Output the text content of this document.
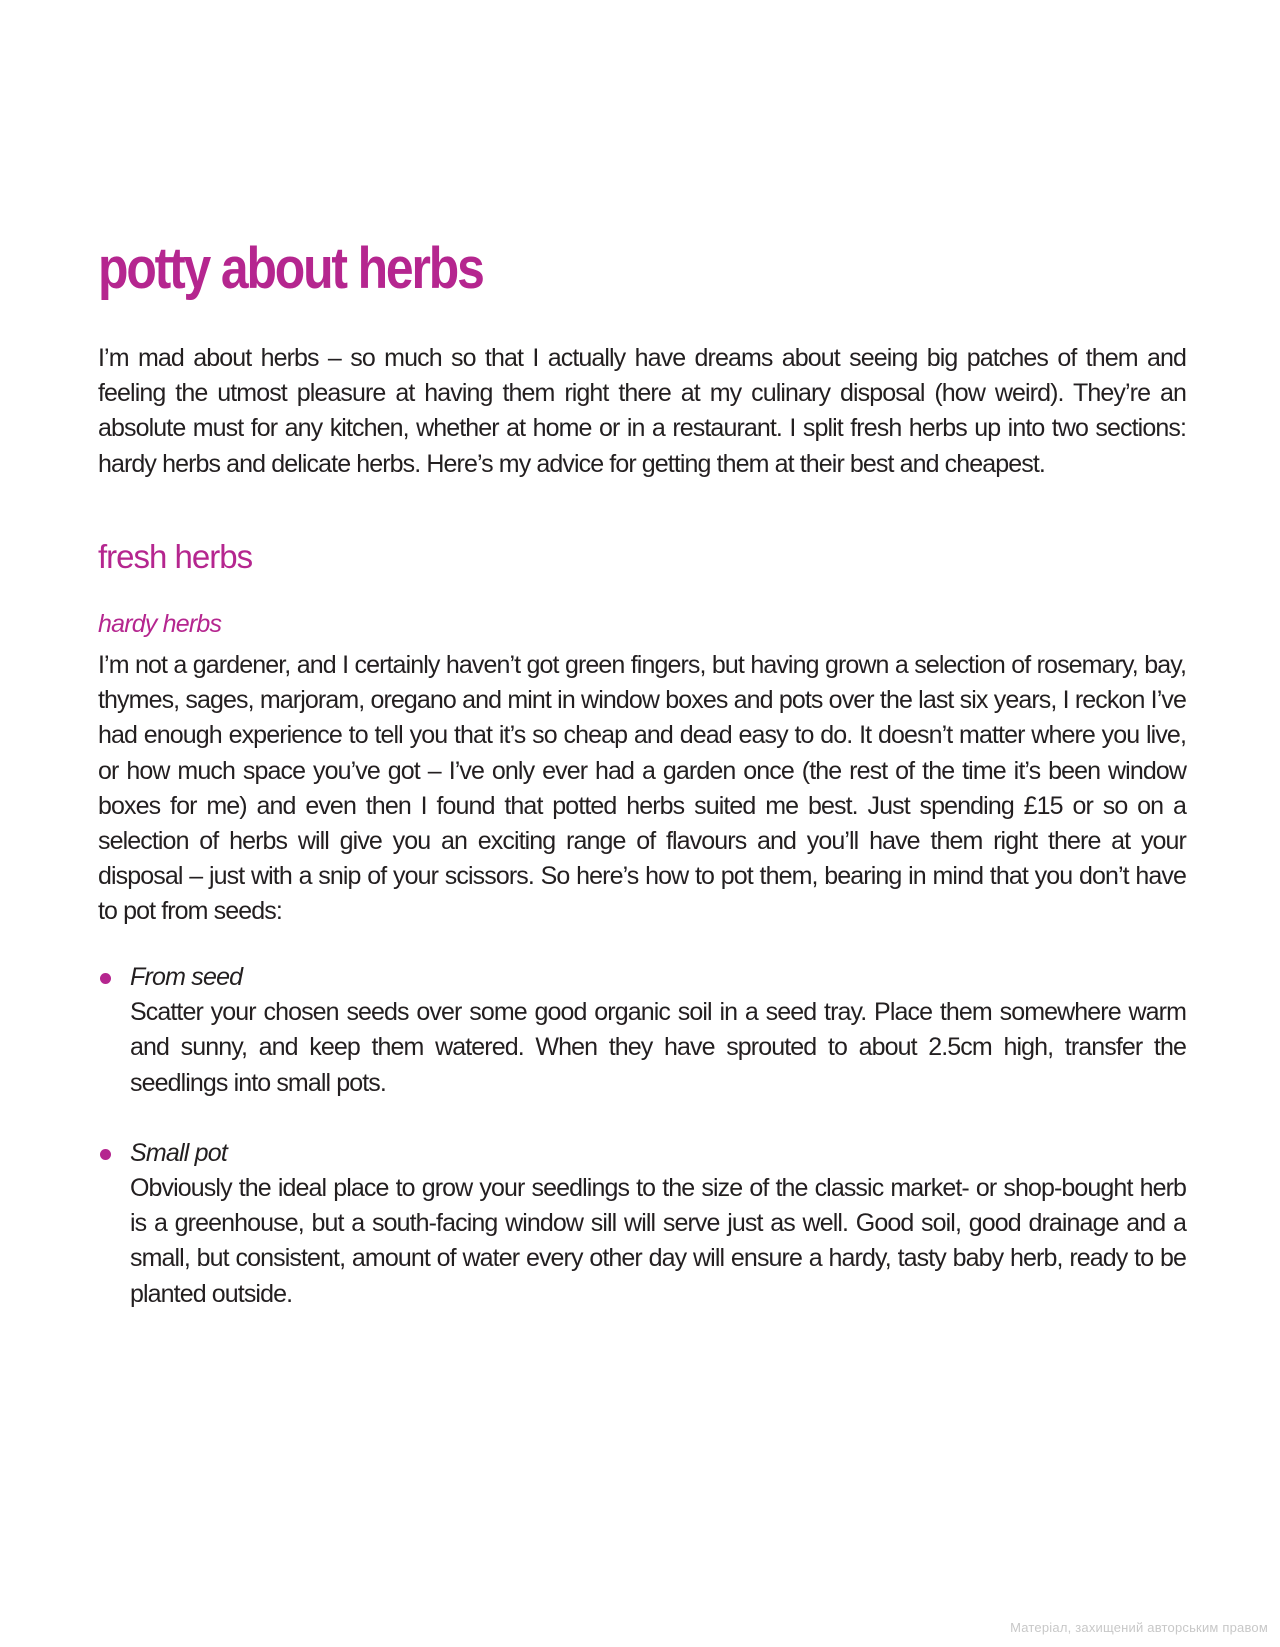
potty about herbs

I’m mad about herbs – so much so that I actually have dreams about seeing big patches of them and feeling the utmost pleasure at having them right there at my culinary disposal (how weird). They’re an absolute must for any kitchen, whether at home or in a restaurant. I split fresh herbs up into two sections: hardy herbs and delicate herbs. Here’s my advice for getting them at their best and cheapest.

fresh herbs
hardy herbs

I’m not a gardener, and I certainly haven’t got green fingers, but having grown a selection of rosemary, bay, thymes, sages, marjoram, oregano and mint in window boxes and pots over the last six years, I reckon I’ve had enough experience to tell you that it’s so cheap and dead easy to do. It doesn’t matter where you live, or how much space you’ve got – I’ve only ever had a garden once (the rest of the time it’s been window boxes for me) and even then I found that potted herbs suited me best. Just spending £15 or so on a selection of herbs will give you an exciting range of flavours and you’ll have them right there at your disposal – just with a snip of your scissors. So here’s how to pot them, bearing in mind that you don’t have to pot from seeds:

From seed

Scatter your chosen seeds over some good organic soil in a seed tray. Place them somewhere warm and sunny, and keep them watered. When they have sprouted to about 2.5cm high, transfer the seedlings into small pots.

Small pot

Obviously the ideal place to grow your seedlings to the size of the classic market- or shop-bought herb is a greenhouse, but a south-facing window sill will serve just as well. Good soil, good drainage and a small, but consistent, amount of water every other day will ensure a hardy, tasty baby herb, ready to be planted outside.

Матеріал, захищений авторським правом
